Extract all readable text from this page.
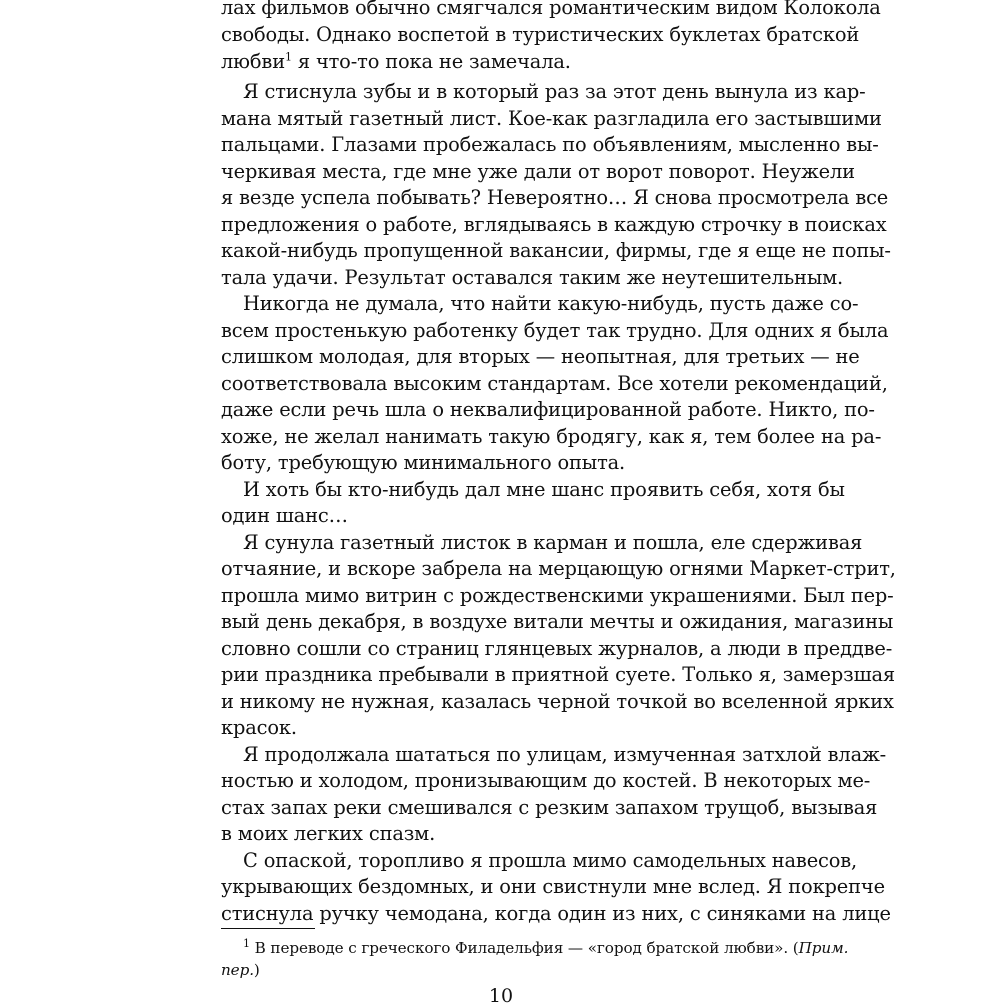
лах фильмов обычно смягчался романтическим видом Колокола
свободы. Однако воспетой в туристических буклетах братской
любви$^1$ я что-то пока не замечала.
Я стиснула зубы и в который раз за этот день вынула из кар-
мана мятый газетный лист. Кое-как разгладила его застывшими
пальцами. Глазами пробежалась по объявлениям, мысленно вы-
черкивая места, где мне уже дали от ворот поворот. Неужели
я везде успела побывать? Невероятно… Я снова просмотрела все
предложения о работе, вглядываясь в каждую строчку в поисках
какой-нибудь пропущенной вакансии, фирмы, где я еще не попы-
тала удачи. Результат оставался таким же неутешительным.
Никогда не думала, что найти какую-нибудь, пусть даже со-
всем простенькую работенку будет так трудно. Для одних я была
слишком молодая, для вторых — неопытная, для третьих — не
соответствовала высоким стандартам. Все хотели рекомендаций,
даже если речь шла о неквалифицированной работе. Никто, по-
хоже, не желал нанимать такую бродягу, как я, тем более на ра-
боту, требующую минимального опыта.
И хоть бы кто-нибудь дал мне шанс проявить себя, хотя бы
один шанс…
Я сунула газетный листок в карман и пошла, еле сдерживая
отчаяние, и вскоре забрела на мерцающую огнями Маркет-стрит,
прошла мимо витрин с рождественскими украшениями. Был пер-
вый день декабря, в воздухе витали мечты и ожидания, магазины
словно сошли со страниц глянцевых журналов, а люди в преддве-
рии праздника пребывали в приятной суете. Только я, замерзшая
и никому не нужная, казалась черной точкой во вселенной ярких
красок.
Я продолжала шататься по улицам, измученная затхлой влаж-
ностью и холодом, пронизывающим до костей. В некоторых ме-
стах запах реки смешивался с резким запахом трущоб, вызывая
в моих легких спазм.
С опаской, торопливо я прошла мимо самодельных навесов,
укрывающих бездомных, и они свистнули мне вслед. Я покрепче
стиснула ручку чемодана, когда один из них, с синяками на лице
$^1$ В переводе с греческого Филадельфия — «город братской любви». (Прим.
пер.)
10
